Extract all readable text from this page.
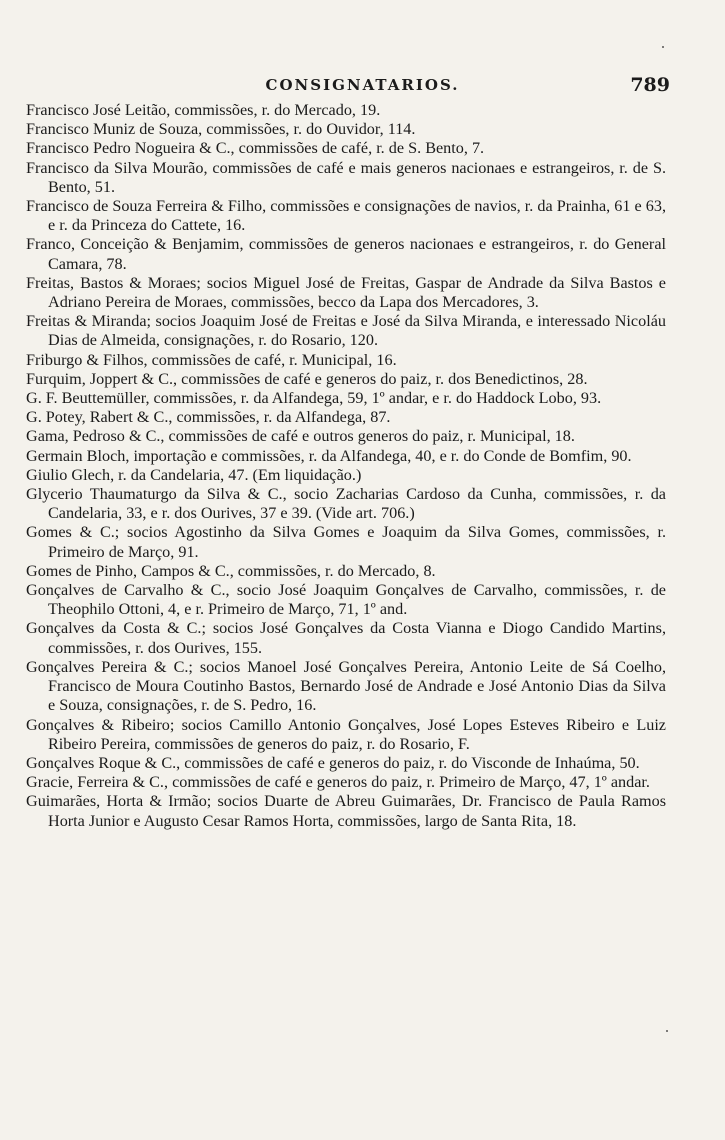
CONSIGNATARIOS.	789

Francisco José Leitão, commissões, r. do Mercado, 19.

Francisco Muniz de Souza, commissões, r. do Ouvidor, 114.

Francisco Pedro Nogueira & C., commissões de café, r. de S. Bento, 7.

Francisco da Silva Mourão, commissões de café e mais generos nacionaes e estrangeiros, r. de S. Bento, 51.

Francisco de Souza Ferreira & Filho, commissões e consignações de navios, r. da Prainha, 61 e 63, e r. da Princeza do Cattete, 16.

Franco, Conceição & Benjamim, commissões de generos nacionaes e estrangeiros, r. do General Camara, 78.

Freitas, Bastos & Moraes; socios Miguel José de Freitas, Gaspar de Andrade da Silva Bastos e Adriano Pereira de Moraes, commissões, becco da Lapa dos Mercadores, 3.

Freitas & Miranda; socios Joaquim José de Freitas e José da Silva Miranda, e interessado Nicoláu Dias de Almeida, consignações, r. do Rosario, 120.

Friburgo & Filhos, commissões de café, r. Municipal, 16.

Furquim, Joppert & C., commissões de café e generos do paiz, r. dos Benedictinos, 28.

G. F. Beuttemüller, commissões, r. da Alfandega, 59, 1º andar, e r. do Haddock Lobo, 93.

G. Potey, Rabert & C., commissões, r. da Alfandega, 87.

Gama, Pedroso & C., commissões de café e outros generos do paiz, r. Municipal, 18.

Germain Bloch, importação e commissões, r. da Alfandega, 40, e r. do Conde de Bomfim, 90.

Giulio Glech, r. da Candelaria, 47. (Em liquidação.)

Glycerio Thaumaturgo da Silva & C., socio Zacharias Cardoso da Cunha, commissões, r. da Candelaria, 33, e r. dos Ourives, 37 e 39. (Vide art. 706.)

Gomes & C.; socios Agostinho da Silva Gomes e Joaquim da Silva Gomes, commissões, r. Primeiro de Março, 91.

Gomes de Pinho, Campos & C., commissões, r. do Mercado, 8.

Gonçalves de Carvalho & C., socio José Joaquim Gonçalves de Carvalho, commissões, r. de Theophilo Ottoni, 4, e r. Primeiro de Março, 71, 1º and.

Gonçalves da Costa & C.; socios José Gonçalves da Costa Vianna e Diogo Candido Martins, commissões, r. dos Ourives, 155.

Gonçalves Pereira & C.; socios Manoel José Gonçalves Pereira, Antonio Leite de Sá Coelho, Francisco de Moura Coutinho Bastos, Bernardo José de Andrade e José Antonio Dias da Silva e Souza, consignações, r. de S. Pedro, 16.

Gonçalves & Ribeiro; socios Camillo Antonio Gonçalves, José Lopes Esteves Ribeiro e Luiz Ribeiro Pereira, commissões de generos do paiz, r. do Rosario, F.

Gonçalves Roque & C., commissões de café e generos do paiz, r. do Visconde de Inhaúma, 50.

Gracie, Ferreira & C., commissões de café e generos do paiz, r. Primeiro de Março, 47, 1º andar.

Guimarães, Horta & Irmão; socios Duarte de Abreu Guimarães, Dr. Francisco de Paula Ramos Horta Junior e Augusto Cesar Ramos Horta, commissões, largo de Santa Rita, 18.
